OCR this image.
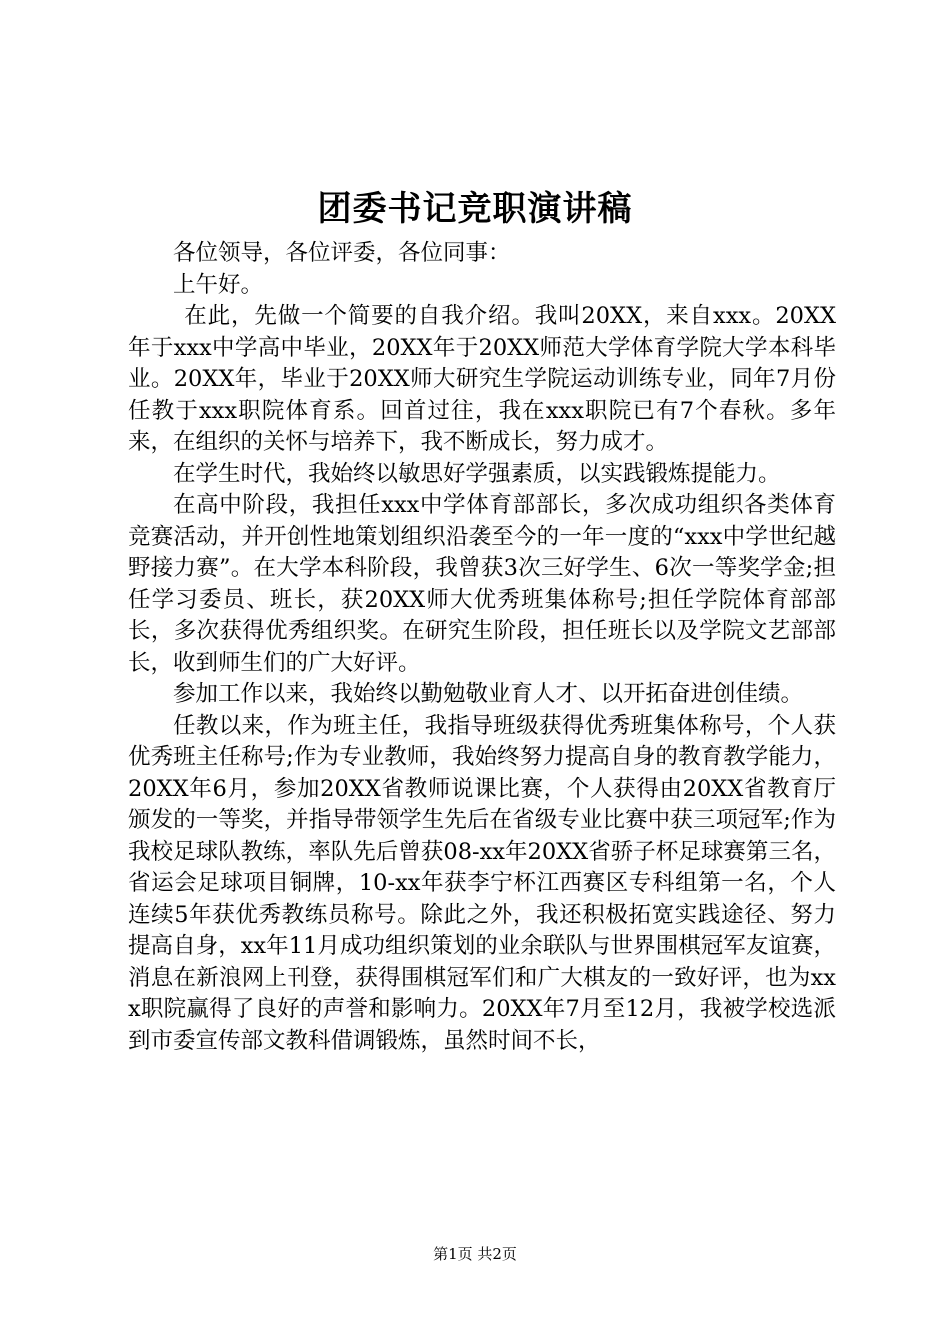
团委书记竞职演讲稿

各位领导，各位评委，各位同事：

上午好。

在此，先做一个简要的自我介绍。我叫20XX，来自xxx。20XX年于xxx中学高中毕业，20XX年于20XX师范大学体育学院大学本科毕业。20XX年，毕业于20XX师大研究生学院运动训练专业，同年7月份任教于xxx职院体育系。回首过往，我在xxx职院已有7个春秋。多年来，在组织的关怀与培养下，我不断成长，努力成才。

在学生时代，我始终以敏思好学强素质，以实践锻炼提能力。

在高中阶段，我担任xxx中学体育部部长，多次成功组织各类体育竞赛活动，并开创性地策划组织沿袭至今的一年一度的“xxx中学世纪越野接力赛”。在大学本科阶段，我曾获3次三好学生、6次一等奖学金;担任学习委员、班长，获20XX师大优秀班集体称号;担任学院体育部部长，多次获得优秀组织奖。在研究生阶段，担任班长以及学院文艺部部长，收到师生们的广大好评。

参加工作以来，我始终以勤勉敬业育人才、以开拓奋进创佳绩。

任教以来，作为班主任，我指导班级获得优秀班集体称号，个人获优秀班主任称号;作为专业教师，我始终努力提高自身的教育教学能力，20XX年6月，参加20XX省教师说课比赛，个人获得由20XX省教育厅颁发的一等奖，并指导带领学生先后在省级专业比赛中获三项冠军;作为我校足球队教练，率队先后曾获08-xx年20XX省骄子杯足球赛第三名，省运会足球项目铜牌，10-xx年获李宁杯江西赛区专科组第一名，个人连续5年获优秀教练员称号。除此之外，我还积极拓宽实践途径、努力提高自身，xx年11月成功组织策划的业余联队与世界围棋冠军友谊赛，消息在新浪网上刊登，获得围棋冠军们和广大棋友的一致好评，也为xxx职院赢得了良好的声誉和影响力。20XX年7月至12月，我被学校选派到市委宣传部文教科借调锻炼，虽然时间不长，

第1页 共2页
